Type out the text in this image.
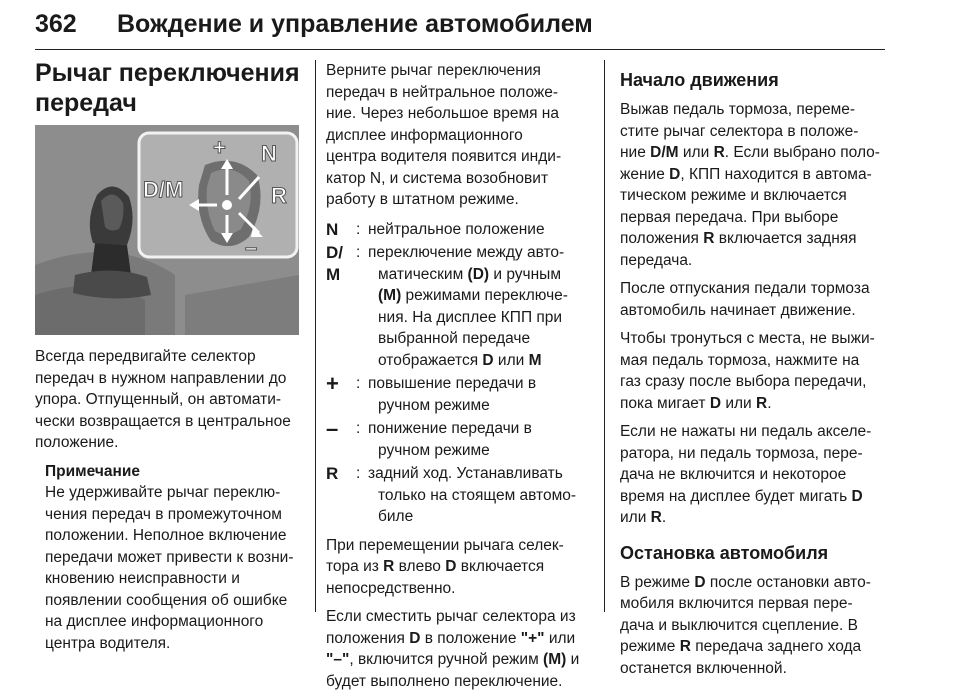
362 Вождение и управление автомобилем

Рычаг переключения
передач

D/M
N
R
+
–

Всегда передвигайте селектор
передач в нужном направлении до
упора. Отпущенный, он автомати-
чески возвращается в центральное
положение.

Примечание

Не удерживайте рычаг переклю-
чения передач в промежуточном
положении. Неполное включение
передачи может привести к возни-
кновению неисправности и
появлении сообщения об ошибке
на дисплее информационного
центра водителя.

Верните рычаг переключения
передач в нейтральное положе-
ние. Через небольшое время на
дисплее информационного
центра водителя появится инди-
катор N, и система возобновит
работу в штатном режиме.

N	: нейтральное положение
D/
M
: переключение между авто-
матическим (D) и ручным
(M) режимами переключе-
ния. На дисплее КПП при
выбранной передаче
отображается D или M
+	: повышение передачи в
ручном режиме
–	: понижение передачи в
ручном режиме
R	: задний ход. Устанавливать
только на стоящем автомо-
биле

При перемещении рычага селек-
тора из R влево D включается
непосредственно.

Если сместить рычаг селектора из
положения D в положение "+" или
"–", включится ручной режим (M) и
будет выполнено переключение.

Начало движения

Выжав педаль тормоза, переме-
стите рычаг селектора в положе-
ние D/M или R. Если выбрано поло-
жение D, КПП находится в автома-
тическом режиме и включается
первая передача. При выборе
положения R включается задняя
передача.

После отпускания педали тормоза
автомобиль начинает движение.

Чтобы тронуться с места, не выжи-
мая педаль тормоза, нажмите на
газ сразу после выбора передачи,
пока мигает D или R.

Если не нажаты ни педаль акселе-
ратора, ни педаль тормоза, пере-
дача не включится и некоторое
время на дисплее будет мигать D
или R.

Остановка автомобиля

В режиме D после остановки авто-
мобиля включится первая пере-
дача и выключится сцепление. В
режиме R передача заднего хода
останется включенной.
